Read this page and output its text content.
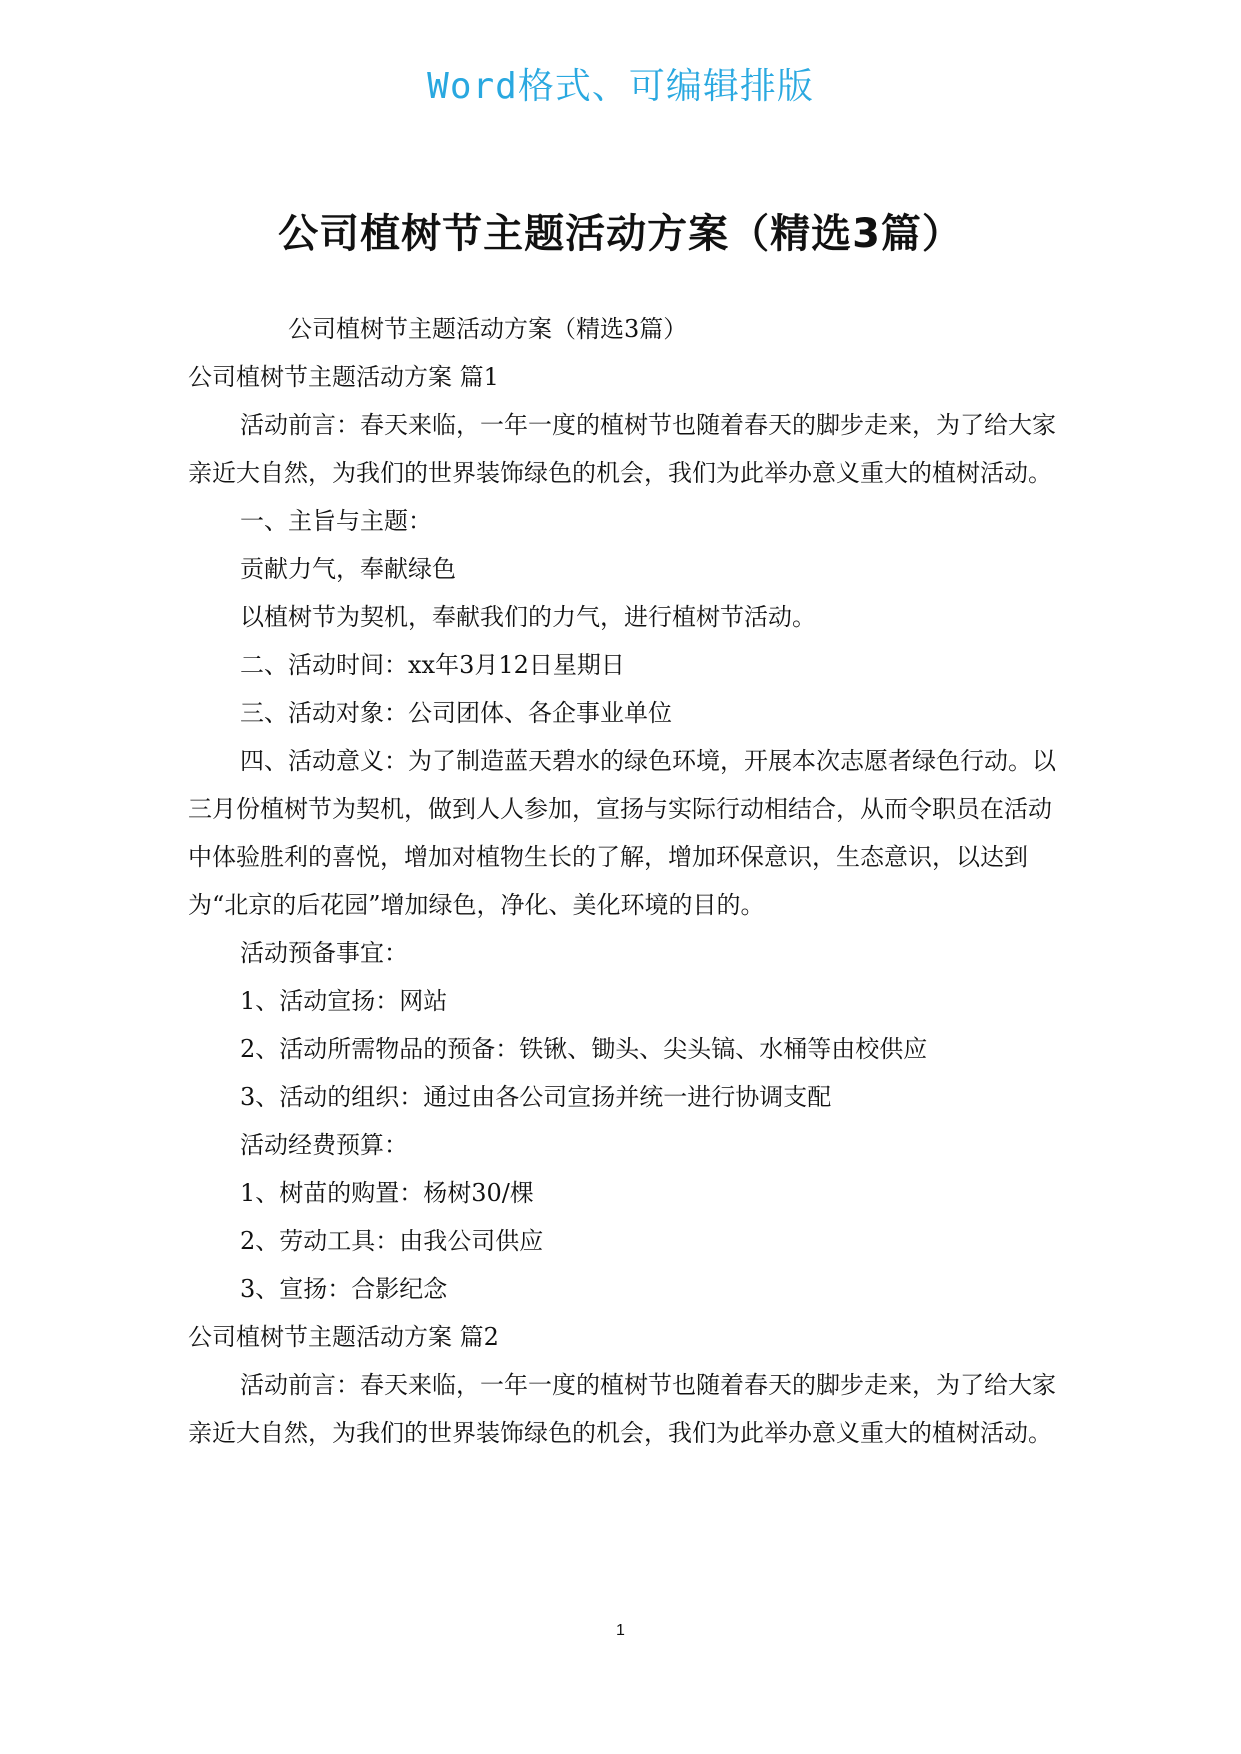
Word格式、可编辑排版
公司植树节主题活动方案（精选3篇）

公司植树节主题活动方案（精选3篇）

公司植树节主题活动方案 篇1

活动前言：春天来临，一年一度的植树节也随着春天的脚步走来，为了给大家亲近大自然，为我们的世界装饰绿色的机会，我们为此举办意义重大的植树活动。

一、主旨与主题：

贡献力气，奉献绿色

以植树节为契机，奉献我们的力气，进行植树节活动。

二、活动时间：xx年3月12日星期日

三、活动对象：公司团体、各企事业单位

四、活动意义：为了制造蓝天碧水的绿色环境，开展本次志愿者绿色行动。以三月份植树节为契机，做到人人参加，宣扬与实际行动相结合，从而令职员在活动中体验胜利的喜悦，增加对植物生长的了解，增加环保意识，生态意识，以达到为“北京的后花园”增加绿色，净化、美化环境的目的。

活动预备事宜：

1、活动宣扬：网站

2、活动所需物品的预备：铁锹、锄头、尖头镐、水桶等由校供应

3、活动的组织：通过由各公司宣扬并统一进行协调支配

活动经费预算：

1、树苗的购置：杨树30/棵

2、劳动工具：由我公司供应

3、宣扬：合影纪念

公司植树节主题活动方案 篇2

活动前言：春天来临，一年一度的植树节也随着春天的脚步走来，为了给大家亲近大自然，为我们的世界装饰绿色的机会，我们为此举办意义重大的植树活动。

1
